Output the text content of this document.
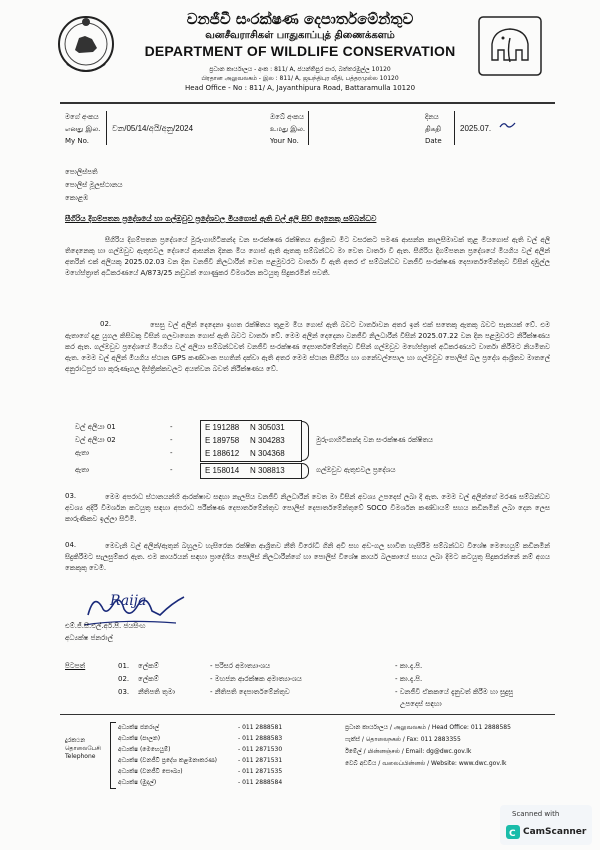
වනජීවී සංරක්ෂණ දෙපාර්තමේන්තුව
வனசீவராசிகள் பாதுகாப்புத் திணைக்களம்
DEPARTMENT OF WILDLIFE CONSERVATION
ප්‍රධාන කාර්යාලය - අංක : 811/ A, ජයන්තිපුර පාර, බත්තරමුල්ල 10120
பிரதான அலுவலகம் - இல : 811/ A, ஜயந்திபுர வீதி, பத்தரமுல்ல 10120
Head Office - No : 811/ A, Jayanthipura Road, Battaramulla 10120
මගේ අංකය
எனது இல.
My No.
වන/05/14/අයි/අනු/2024
ඔබේ අංකය
உமது இல.
Your No.
දිනය
திகதி
Date
2025.07.
පොලිස්පති
පොලිස් මූලස්ථානය
කොළඹ
සීගිරිය දිගම්පතන ප්‍රදේශයේ හා ගල්ඔවුව ප්‍රදේශවල මියගොස් ඇති වල් අලි සිව් දෙනෙකු සම්බන්ධව
සීගිරිය දිගම්පතන ප්‍රදේශයේ මුරුංගාහිටිකන්ද වන සංරක්ෂණ රක්ෂිතය ආශ්‍රිතව මීට වසරකට පමණ ආසන්න කාලසීමාවක් තුළ මියගොස් ඇති වල් අලි තිදෙනෙකු හා ගල්ඔවුව ඇතුළුවල දේශයේ ආසන්න දිනක මිය ගොස් ඇති ඇතකු සම්බන්ධව මා වෙත වාර්තා වී ඇත. සීගිරිය දිගම්පතන ප්‍රදේශයේ මියගිය වල් අලින් අතරින් එක් අලියකු 2025.02.03 වන දින වනජීවී නිලධාරීන් වෙත පළමුවරට වාර්තා වී ඇති අතර ඒ සම්බන්ධව වනජීවී සංරක්ෂණ දෙපාර්තමේන්තුව විසින් දඹුල්ල මහේස්ත්‍රාත් අධිකරණයේ A/873/25 නඩුවක් ගොණුකර විමර්ශන කටයුතු සිදුකරමින් පවතී.
02.	සෙසු වල් අලින් දෙදෙනා ඉහත රක්ෂිතය තුළම මිය ගොස් ඇති බවට වාර්තාවන අතර ඉන් එක් සතෙකු ඇතකු බවට සැකයක් වේ. එම ඇතාගේ දළ යුගල කිසිවකු විසින් ගලවාගෙන ගොස් ඇති බවට වාර්තා වේ. මෙම අලින් දෙදෙනා වනජීවී නිලධාරීන් විසින් 2025.07.22 වන දින පළමුවරට නිරීක්ෂණය කර ඇත. ගල්ඔවුව ප්‍රදේශයේ මියගිය වල් අලියා සම්බන්ධවත් වනජීවී සංරක්ෂණ දෙපාර්තමේන්තුව විසින් ගල්ඔවුව මහේස්ත්‍රාත් අධිකරණයට වාර්තා කිරීමට නියමිතව ඇත. මෙම වල් අලින් මියගිය ස්ථාන GPS කණ්ඩාංක පහතින් දක්වා ඇති අතර මෙම ස්ථාන සීගිරිය හා ගනේවල්පොල හා ගල්ඔවුව පොලිස් බල ප්‍රදේශ ආශ්‍රිතව මාතලේ අනුරාධපුර හා කුරුණෑගල දිස්ත්‍රික්කවලට අයත්වන බවත් නිරීක්ෂණය වේ.
වල් අලියා 01	-	E 191288 N 305031
වල් අලියා 02	-	E 189758 N 304283
ඇතා	-	E 188612 N 304368
මුරුංගාහිටිකන්ද වන සංරක්ෂණ රක්ෂිතය
ඇතා	-	E 158014 N 308813	ගල්ඔවුව ඇතුළුවල ප්‍රදේශය
03.	මෙම අපරාධ ස්ථානයන්හි ආරක්ෂාව සඳහා නැලපිය වනජීවී නිලධාරීන් වෙත මා විසින් අවශ්‍ය උපදෙස් ලබා දී ඇත. මෙම වල් අලින්ගේ මරණ සම්බන්ධව අවශ්‍ය අදිරි විමර්ශන කටයුතු සඳහා අපරාධ පරීක්ෂණ දෙපාර්තමේන්තුව පොලිස් දෙපාර්තමේන්තුවේ SOCO විමර්ශන කණ්ඩායම් සහය කඩිනමින් ලබා දෙන ලෙස කාරුණිකව ඉල්ලා සිටිමි.
04.	මෙවැනි වල් අලින්/ඇතුන් බහුලව හැසිරෙන රක්ෂිත ආශ්‍රිතව නීති විරෝධී ගිනි අවි සහ අඩ-ගල භාවිත හැසිරීම සම්බන්ධව විශේෂ මෙහෙයුම් කඩිනමින් සිදුකිරීමට සැලසුම්කර ඇත. එම කාර්යයන් සඳහා ප්‍රාදේශීය පොලිස් නිලධාරීන්ගේ හා පොලිස් විශේෂ කාර්ය බලකායේ සහය ලබා දීමට කටයුතු සිදුකරන්නේ නම් අගය කෙකුකු වෙමි.
Raija
එම්.ජී.සී.එල්.අර්.පී. ජයසිංහ
අධ්‍යක්ෂ ජනරාල්
පිටපත්	01. ලේකම්	- පරිසර අමාත්‍යාංශය	- කා.දැ.පි.
02. ලේකම්	- මහජන ආරක්ෂක අමාත්‍යාංශය	- කා.දැ.පි.
03. නීතිපති තුමා	- නීතිපති දෙපාර්තමේන්තුව	- වනජීවී ඒකකයේ දැනුවත් කිරීම හා සුදුසු
උපදෙස් සඳහා
දුරකථන
தொலைபேசி
Telephone
අධ්‍යක්ෂ ජනරාල්	- 011 2888581
අධ්‍යක්ෂ (පාලන)	- 011 2888583
අධ්‍යක්ෂ (මෙහෙයුම්)	- 011 2871530
අධ්‍යක්ෂ (වනජීවී ප්‍රදේශ කළමනාකරණ)	- 011 2871531
අධ්‍යක්ෂ (වනජීවී සෞඛ්‍ය)	- 011 2871535
අධ්‍යක්ෂ (මුදල්)	- 011 2888584
ප්‍රධාන කාර්යාලය / அலுவலகம் / Head Office: 011 2888585
ෆැක්ස් / தொலைநகல் / Fax: 011 2883355
ඊමේල් / மின்னஞ்சல் / Email: dg@dwc.gov.lk
වෙබ් අඩවිය / வலைப்பின்னல் / Website: www.dwc.gov.lk
Scanned with
C CamScanner
